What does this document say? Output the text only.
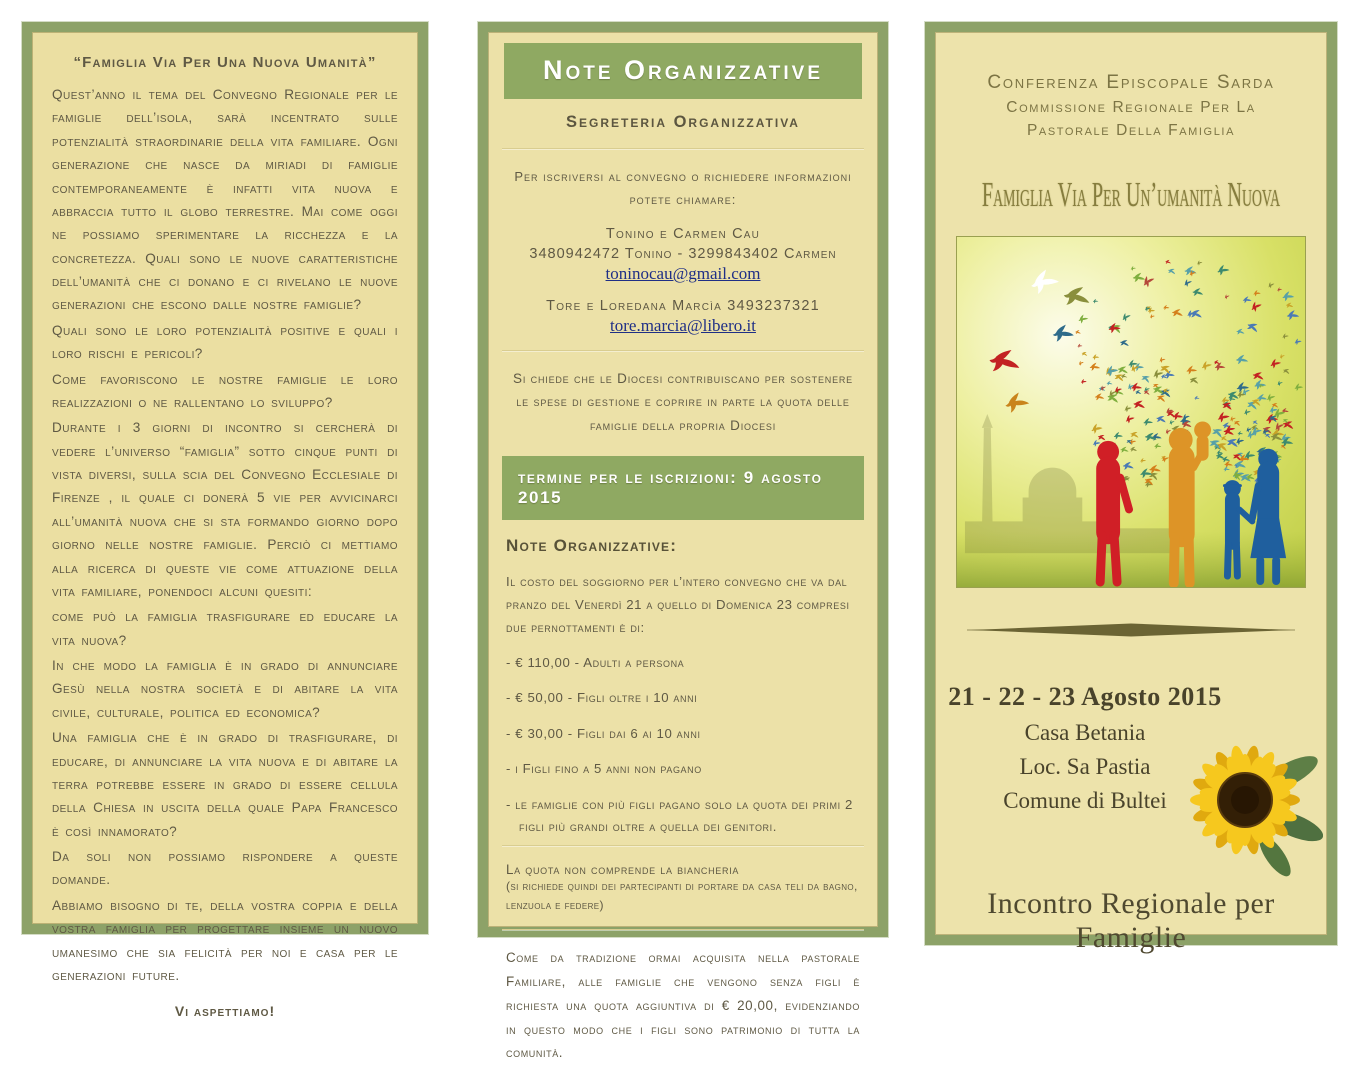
“Famiglia Via Per Una Nuova Umanità”

Quest’anno il tema del Convegno Regionale per le famiglie dell’isola, sarà incentrato sulle potenzialità straordinarie della vita familiare. Ogni generazione che nasce da miriadi di famiglie contemporaneamente è infatti vita nuova e abbraccia tutto il globo terrestre. Mai come oggi ne possiamo sperimentare la ricchezza e la concretezza. Quali sono le nuove caratteristiche dell’umanità che ci donano e ci rivelano le nuove generazioni che escono dalle nostre famiglie?

Quali sono le loro potenzialità positive e quali i loro rischi e pericoli?

Come favoriscono le nostre famiglie le loro realizzazioni o ne rallentano lo sviluppo?

Durante i 3 giorni di incontro si cercherà di vedere l’universo “famiglia” sotto cinque punti di vista diversi, sulla scia del Convegno Ecclesiale di Firenze , il quale ci donerà 5 vie per avvicinarci all’umanità nuova che si sta formando giorno dopo giorno nelle nostre famiglie. Perciò ci mettiamo alla ricerca di queste vie come attuazione della vita familiare, ponendoci alcuni quesiti:

come può la famiglia trasfigurare ed educare la vita nuova?

In che modo la famiglia è in grado di annunciare Gesù nella nostra società e di abitare la vita civile, culturale, politica ed economica?

Una famiglia che è in grado di trasfigurare, di educare, di annunciare la vita nuova e di abitare la terra potrebbe essere in grado di essere cellula della Chiesa in uscita della quale Papa Francesco è così innamorato?

Da soli non possiamo rispondere a queste domande.

Abbiamo bisogno di te, della vostra coppia e della vostra famiglia per progettare insieme un nuovo umanesimo che sia felicità per noi e casa per le generazioni future.

Vi aspettiamo!
Note Organizzative
Segreteria Organizzativa
Per iscriversi al convegno o richiedere informazioni potete chiamare:
Tonino e Carmen Cau
3480942472 Tonino - 3299843402 Carmen
toninocau@gmail.com
Tore e Loredana Marcìa 3493237321
tore.marcia@libero.it
Si chiede che le Diocesi contribuiscano per sostenere le spese di gestione e coprire in parte la quota delle famiglie della propria Diocesi
termine per le iscrizioni: 9 agosto 2015
Note Organizzative:
Il costo del soggiorno per l’intero convegno che va dal pranzo del Venerdì 21 a quello di Domenica 23 compresi due pernottamenti è di:
- € 110,00 - Adulti a persona
- € 50,00 - Figli oltre i 10 anni
- € 30,00 - Figli dai 6 ai 10 anni
- i Figli fino a 5 anni non pagano
- le famiglie con più figli pagano solo la quota dei primi 2 figli più grandi oltre a quella dei genitori.
La quota non comprende la biancheria
(si richiede quindi dei partecipanti di portare da casa teli da bagno, lenzuola e federe)
Come da tradizione ormai acquisita nella pastorale Familiare, alle famiglie che vengono senza figli è richiesta una quota aggiuntiva di € 20,00, evidenziando in questo modo che i figli sono patrimonio di tutta la comunità.
Conferenza Episcopale Sarda
Commissione Regionale Per La
Pastorale Della Famiglia
Famiglia Via Per Un’umanità Nuova
21 - 22 - 23 Agosto 2015
Casa Betania
Loc. Sa Pastia
Comune di Bultei
Incontro Regionale per Famiglie
